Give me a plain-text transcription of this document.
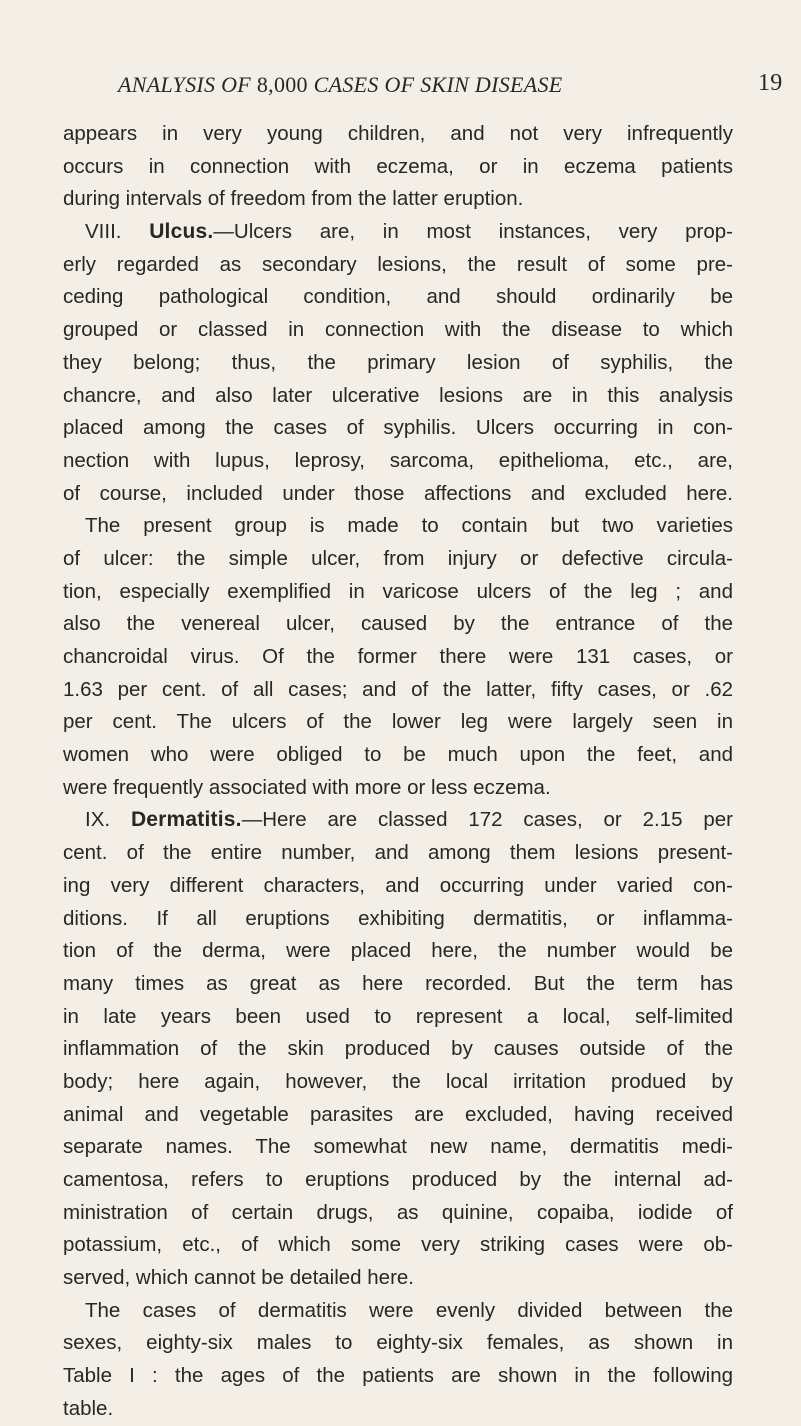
ANALYSIS OF 8,000 CASES OF SKIN DISEASE	19
appears in very young children, and not very infrequently
occurs in connection with eczema, or in eczema patients
during intervals of freedom from the latter eruption.
VIII. Ulcus.—Ulcers are, in most instances, very prop-
erly regarded as secondary lesions, the result of some pre-
ceding pathological condition, and should ordinarily be
grouped or classed in connection with the disease to which
they belong; thus, the primary lesion of syphilis, the
chancre, and also later ulcerative lesions are in this analysis
placed among the cases of syphilis. Ulcers occurring in con-
nection with lupus, leprosy, sarcoma, epithelioma, etc., are,
of course, included under those affections and excluded here.
The present group is made to contain but two varieties
of ulcer: the simple ulcer, from injury or defective circula-
tion, especially exemplified in varicose ulcers of the leg ; and
also the venereal ulcer, caused by the entrance of the
chancroidal virus. Of the former there were 131 cases, or
1.63 per cent. of all cases; and of the latter, fifty cases, or .62
per cent. The ulcers of the lower leg were largely seen in
women who were obliged to be much upon the feet, and
were frequently associated with more or less eczema.
IX. Dermatitis.—Here are classed 172 cases, or 2.15 per
cent. of the entire number, and among them lesions present-
ing very different characters, and occurring under varied con-
ditions. If all eruptions exhibiting dermatitis, or inflamma-
tion of the derma, were placed here, the number would be
many times as great as here recorded. But the term has
in late years been used to represent a local, self-limited
inflammation of the skin produced by causes outside of the
body; here again, however, the local irritation produed by
animal and vegetable parasites are excluded, having received
separate names. The somewhat new name, dermatitis medi-
camentosa, refers to eruptions produced by the internal ad-
ministration of certain drugs, as quinine, copaiba, iodide of
potassium, etc., of which some very striking cases were ob-
served, which cannot be detailed here.
The cases of dermatitis were evenly divided between the
sexes, eighty-six males to eighty-six females, as shown in
Table I : the ages of the patients are shown in the following
table.
